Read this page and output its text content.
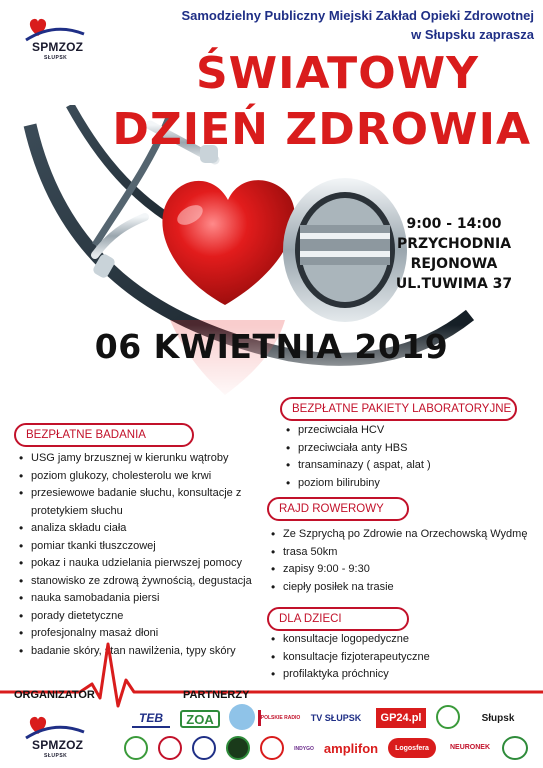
SPMZOZ
SŁUPSK
Samodzielny Publiczny Miejski Zakład Opieki Zdrowotnej
w Słupsku zaprasza
ŚWIATOWY
DZIEŃ ZDROWIA
9:00 - 14:00
PRZYCHODNIA
REJONOWA
UL.TUWIMA 37
06 KWIETNIA 2019
BEZPŁATNE BADANIA
BEZPŁATNE PAKIETY LABORATORYJNE
RAJD ROWEROWY
DLA DZIECI
• USG jamy brzusznej w kierunku wątroby
• poziom glukozy, cholesterolu we krwi
• przesiewowe badanie słuchu, konsultacje z
protetykiem słuchu
• analiza składu ciała
• pomiar tkanki tłuszczowej
• pokaz i nauka udzielania pierwszej pomocy
• stanowisko ze zdrową żywnością, degustacja
• nauka samobadania piersi
• porady dietetyczne
• profesjonalny masaż dłoni
• badanie skóry, stan nawilżenia, typy skóry
• przeciwciała HCV
• przeciwciała anty HBS
• transaminazy ( aspat, alat )
• poziom bilirubiny
• Ze Szprychą po Zdrowie na Orzechowską Wydmę
• trasa 50km
• zapisy 9:00 - 9:30
• ciepły posiłek na trasie
• konsultacje logopedyczne
• konsultacje fizjoterapeutyczne
• profilaktyka próchnicy
ORGANIZATOR	PARTNERZY
SPMZOZ
SŁUPSK
TEB	ZOA	POLSKIE RADIO	TV SŁUPSK	GP24.pl	Słupsk
INDYGO amplifon	Logosfera	NEURONEK
